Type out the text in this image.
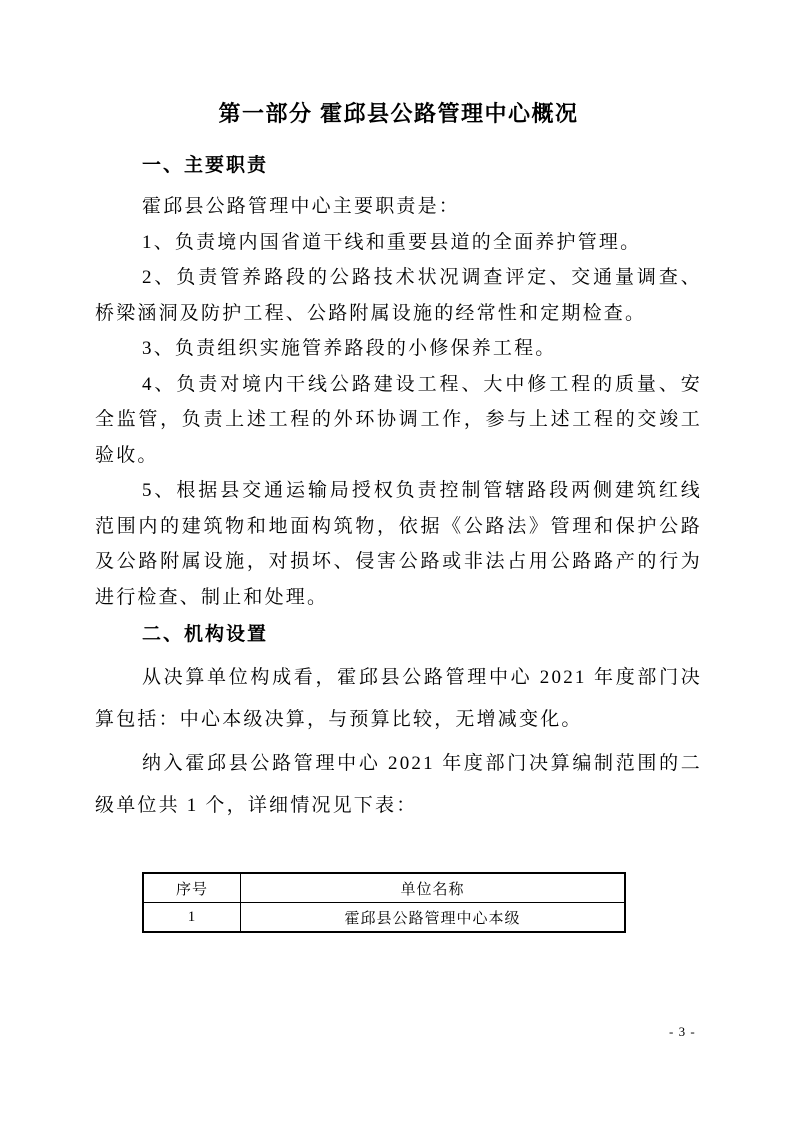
第一部分 霍邱县公路管理中心概况
一、主要职责

霍邱县公路管理中心主要职责是：

1、负责境内国省道干线和重要县道的全面养护管理。

2、负责管养路段的公路技术状况调查评定、交通量调查、桥梁涵洞及防护工程、公路附属设施的经常性和定期检查。

3、负责组织实施管养路段的小修保养工程。

4、负责对境内干线公路建设工程、大中修工程的质量、安全监管，负责上述工程的外环协调工作，参与上述工程的交竣工验收。

5、根据县交通运输局授权负责控制管辖路段两侧建筑红线范围内的建筑物和地面构筑物，依据《公路法》管理和保护公路及公路附属设施，对损坏、侵害公路或非法占用公路路产的行为进行检查、制止和处理。

二、机构设置

从决算单位构成看，霍邱县公路管理中心 2021 年度部门决算包括：中心本级决算，与预算比较，无增减变化。

纳入霍邱县公路管理中心 2021 年度部门决算编制范围的二级单位共 1 个，详细情况见下表：

序号	单位名称
1	霍邱县公路管理中心本级
- 3 -
